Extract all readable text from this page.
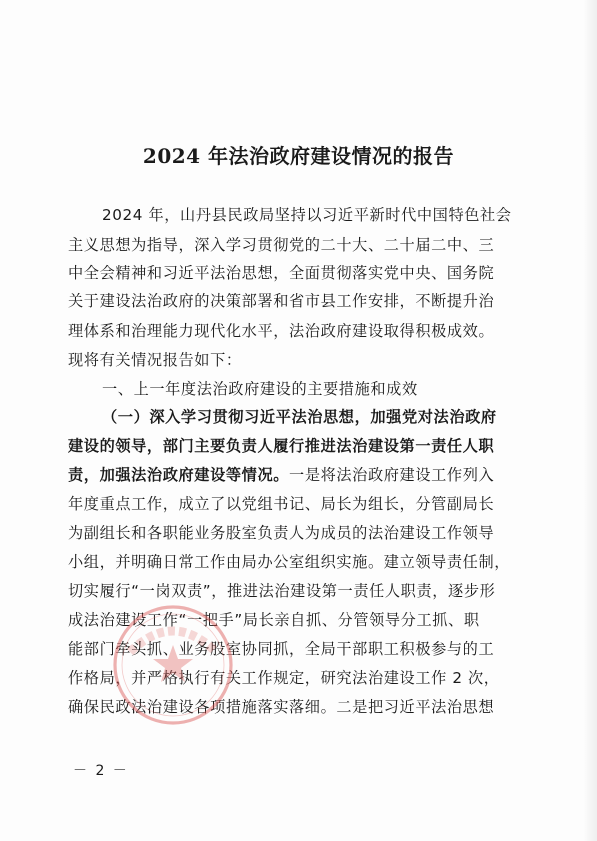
2024 年法治政府建设情况的报告
2024 年，山丹县民政局坚持以习近平新时代中国特色社会
主义思想为指导，深入学习贯彻党的二十大、二十届二中、三
中全会精神和习近平法治思想，全面贯彻落实党中央、国务院
关于建设法治政府的决策部署和省市县工作安排，不断提升治
理体系和治理能力现代化水平，法治政府建设取得积极成效。
现将有关情况报告如下：
一、上一年度法治政府建设的主要措施和成效
（一）深入学习贯彻习近平法治思想，加强党对法治政府
建设的领导，部门主要负责人履行推进法治建设第一责任人职
责，加强法治政府建设等情况。一是将法治政府建设工作列入
年度重点工作，成立了以党组书记、局长为组长，分管副局长
为副组长和各职能业务股室负责人为成员的法治建设工作领导
小组，并明确日常工作由局办公室组织实施。建立领导责任制，
切实履行“一岗双责”，推进法治建设第一责任人职责，逐步形
成法治建设工作“一把手”局长亲自抓、分管领导分工抓、职
能部门牵头抓、业务股室协同抓，全局干部职工积极参与的工
作格局，并严格执行有关工作规定，研究法治建设工作 2 次，
确保民政法治建设各项措施落实落细。二是把习近平法治思想
－ 2 －
